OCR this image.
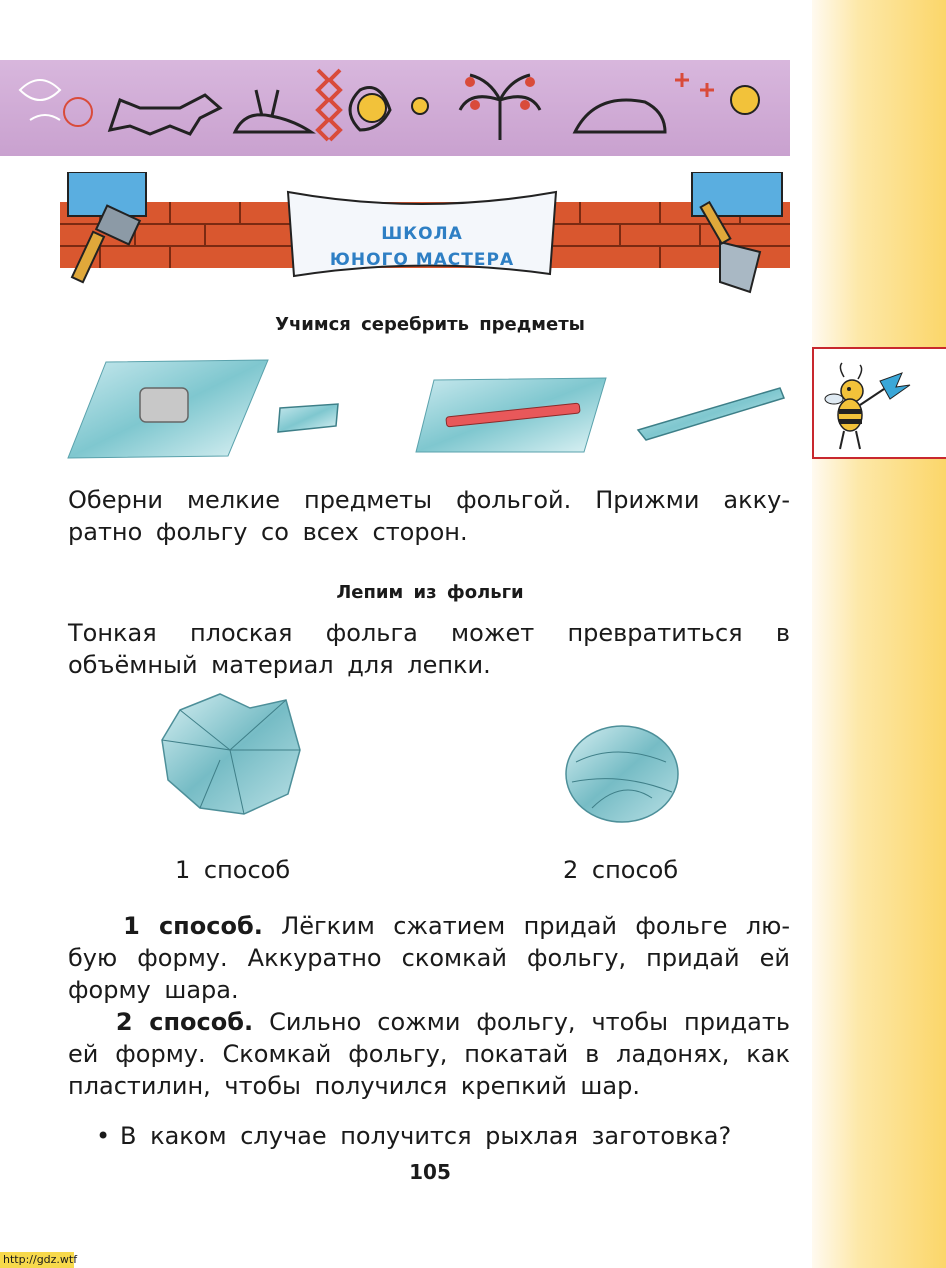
ШКОЛА
ЮНОГО МАСТЕРА
Учимся серебрить предметы
Оберни мелкие предметы фольгой. Прижми акку-
ратно фольгу со всех сторон.
Лепим из фольги
Тонкая плоская фольга может превратиться в
объёмный материал для лепки.
1 способ	2 способ
1 способ. Лёгким сжатием придай фольге лю-
бую форму. Аккуратно скомкай фольгу, придай ей
форму шара.
2 способ. Сильно сожми фольгу, чтобы придать
ей форму. Скомкай фольгу, покатай в ладонях, как
пластилин, чтобы получился крепкий шар.
• В каком случае получится рыхлая заготовка?
105
http://gdz.wtf
